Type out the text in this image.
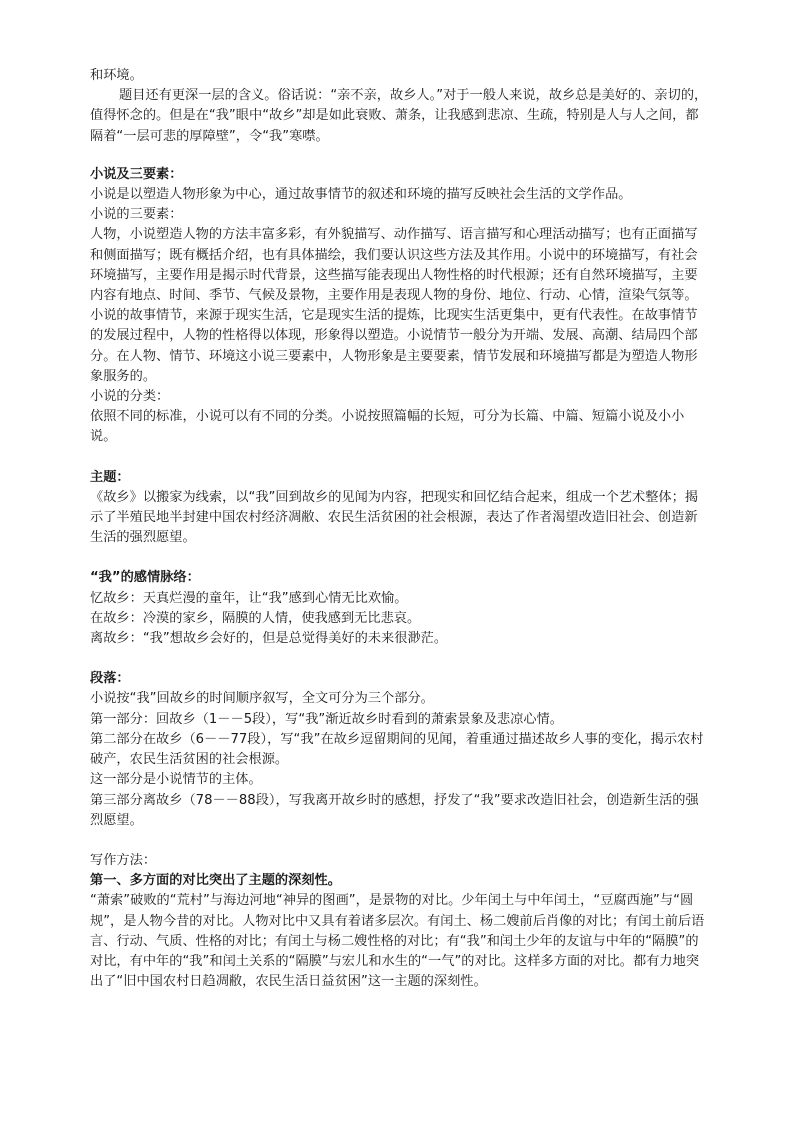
和环境。

题目还有更深一层的含义。俗话说：“亲不亲，故乡人。”对于一般人来说，故乡总是美好的、亲切的，值得怀念的。但是在“我”眼中“故乡”却是如此衰败、萧条，让我感到悲凉、生疏，特别是人与人之间，都隔着“一层可悲的厚障壁”，令“我”寒噤。

小说及三要素：

小说是以塑造人物形象为中心，通过故事情节的叙述和环境的描写反映社会生活的文学作品。

小说的三要素：

人物，小说塑造人物的方法丰富多彩，有外貌描写、动作描写、语言描写和心理活动描写；也有正面描写和侧面描写；既有概括介绍，也有具体描绘，我们要认识这些方法及其作用。小说中的环境描写，有社会环境描写，主要作用是揭示时代背景，这些描写能表现出人物性格的时代根源；还有自然环境描写，主要内容有地点、时间、季节、气候及景物，主要作用是表现人物的身份、地位、行动、心情，渲染气氛等。小说的故事情节，来源于现实生活，它是现实生活的提炼，比现实生活更集中，更有代表性。在故事情节的发展过程中，人物的性格得以体现，形象得以塑造。小说情节一般分为开端、发展、高潮、结局四个部分。在人物、情节、环境这小说三要素中，人物形象是主要要素，情节发展和环境描写都是为塑造人物形象服务的。

小说的分类：

依照不同的标准，小说可以有不同的分类。小说按照篇幅的长短，可分为长篇、中篇、短篇小说及小小说。

主题：

《故乡》以搬家为线索，以“我”回到故乡的见闻为内容，把现实和回忆结合起来，组成一个艺术整体；揭示了半殖民地半封建中国农村经济凋敝、农民生活贫困的社会根源，表达了作者渴望改造旧社会、创造新生活的强烈愿望。

“我”的感情脉络：

忆故乡：天真烂漫的童年，让“我”感到心情无比欢愉。

在故乡：冷漠的家乡，隔膜的人情，使我感到无比悲哀。

离故乡：“我”想故乡会好的，但是总觉得美好的未来很渺茫。

段落：

小说按“我”回故乡的时间顺序叙写，全文可分为三个部分。

第一部分：回故乡（1－－5段），写“我”渐近故乡时看到的萧索景象及悲凉心情。

第二部分在故乡（6－－77段），写“我”在故乡逗留期间的见闻，着重通过描述故乡人事的变化，揭示农村破产，农民生活贫困的社会根源。

这一部分是小说情节的主体。

第三部分离故乡（78－－88段），写我离开故乡时的感想，抒发了“我”要求改造旧社会，创造新生活的强烈愿望。

写作方法：

第一、多方面的对比突出了主题的深刻性。

“萧索”破败的“荒村”与海边河地“神异的图画”，是景物的对比。少年闰土与中年闰土，“豆腐西施”与“圆规”，是人物今昔的对比。人物对比中又具有着诸多层次。有闰土、杨二嫂前后肖像的对比；有闰土前后语言、行动、气质、性格的对比；有闰土与杨二嫂性格的对比；有“我”和闰土少年的友谊与中年的“隔膜”的对比，有中年的“我”和闰土关系的“隔膜”与宏儿和水生的“一气”的对比。这样多方面的对比。都有力地突出了“旧中国农村日趋凋敝，农民生活日益贫困”这一主题的深刻性。
